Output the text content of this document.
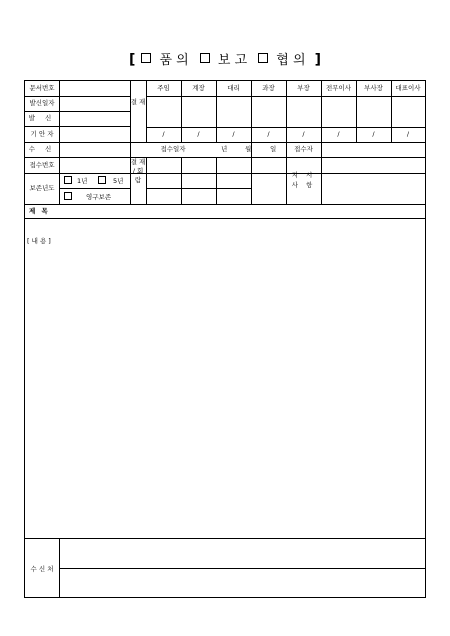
[ 품 의 보 고 협 의 ]
문서번호
발신일자
발 신
기 안 자
수 신
접수번호
보존년도
제 목
[ 내 용 ]
수 신 처
결 재
주임	계장	대리	과장	부장	전무이사	부사장	대표이사
/	/	/	/	/	/	/	/
접수일자	년	월	일	접수자
결 재 / 회 람
지 시 사 항
1년	5년
영구보존
